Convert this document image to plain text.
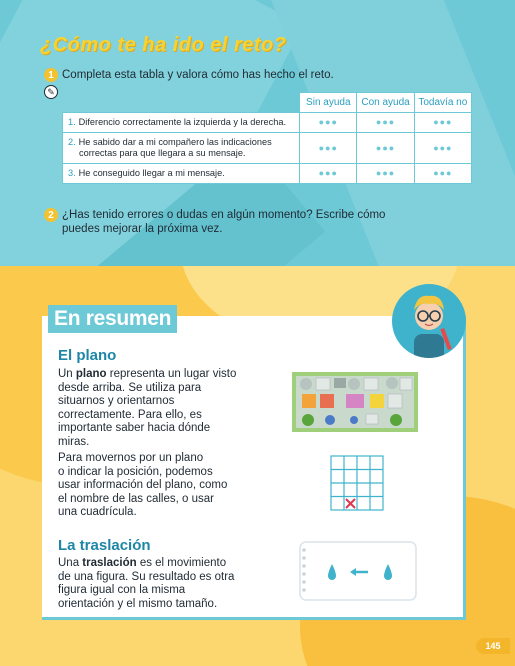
¿Cómo te ha ido el reto?
1 Completa esta tabla y valora cómo has hecho el reto.
✎
	Sin ayuda	Con ayuda	Todavía no
1. Diferencio correctamente la izquierda y la derecha.	●●●	●●●	●●●
2. He sabido dar a mi compañero las indicaciones
correctas para que llegara a su mensaje.	●●●	●●●	●●●
3. He conseguido llegar a mi mensaje.	●●●	●●●	●●●
2 ¿Has tenido errores o dudas en algún momento? Escribe cómo
puedes mejorar la próxima vez.
En resumen
El plano
Un plano representa un lugar visto
desde arriba. Se utiliza para
situarnos y orientarnos
correctamente. Para ello, es
importante saber hacia dónde
miras.
Para movernos por un plano
o indicar la posición, podemos
usar información del plano, como
el nombre de las calles, o usar
una cuadrícula.
La traslación
Una traslación es el movimiento
de una figura. Su resultado es otra
figura igual con la misma
orientación y el mismo tamaño.
145
